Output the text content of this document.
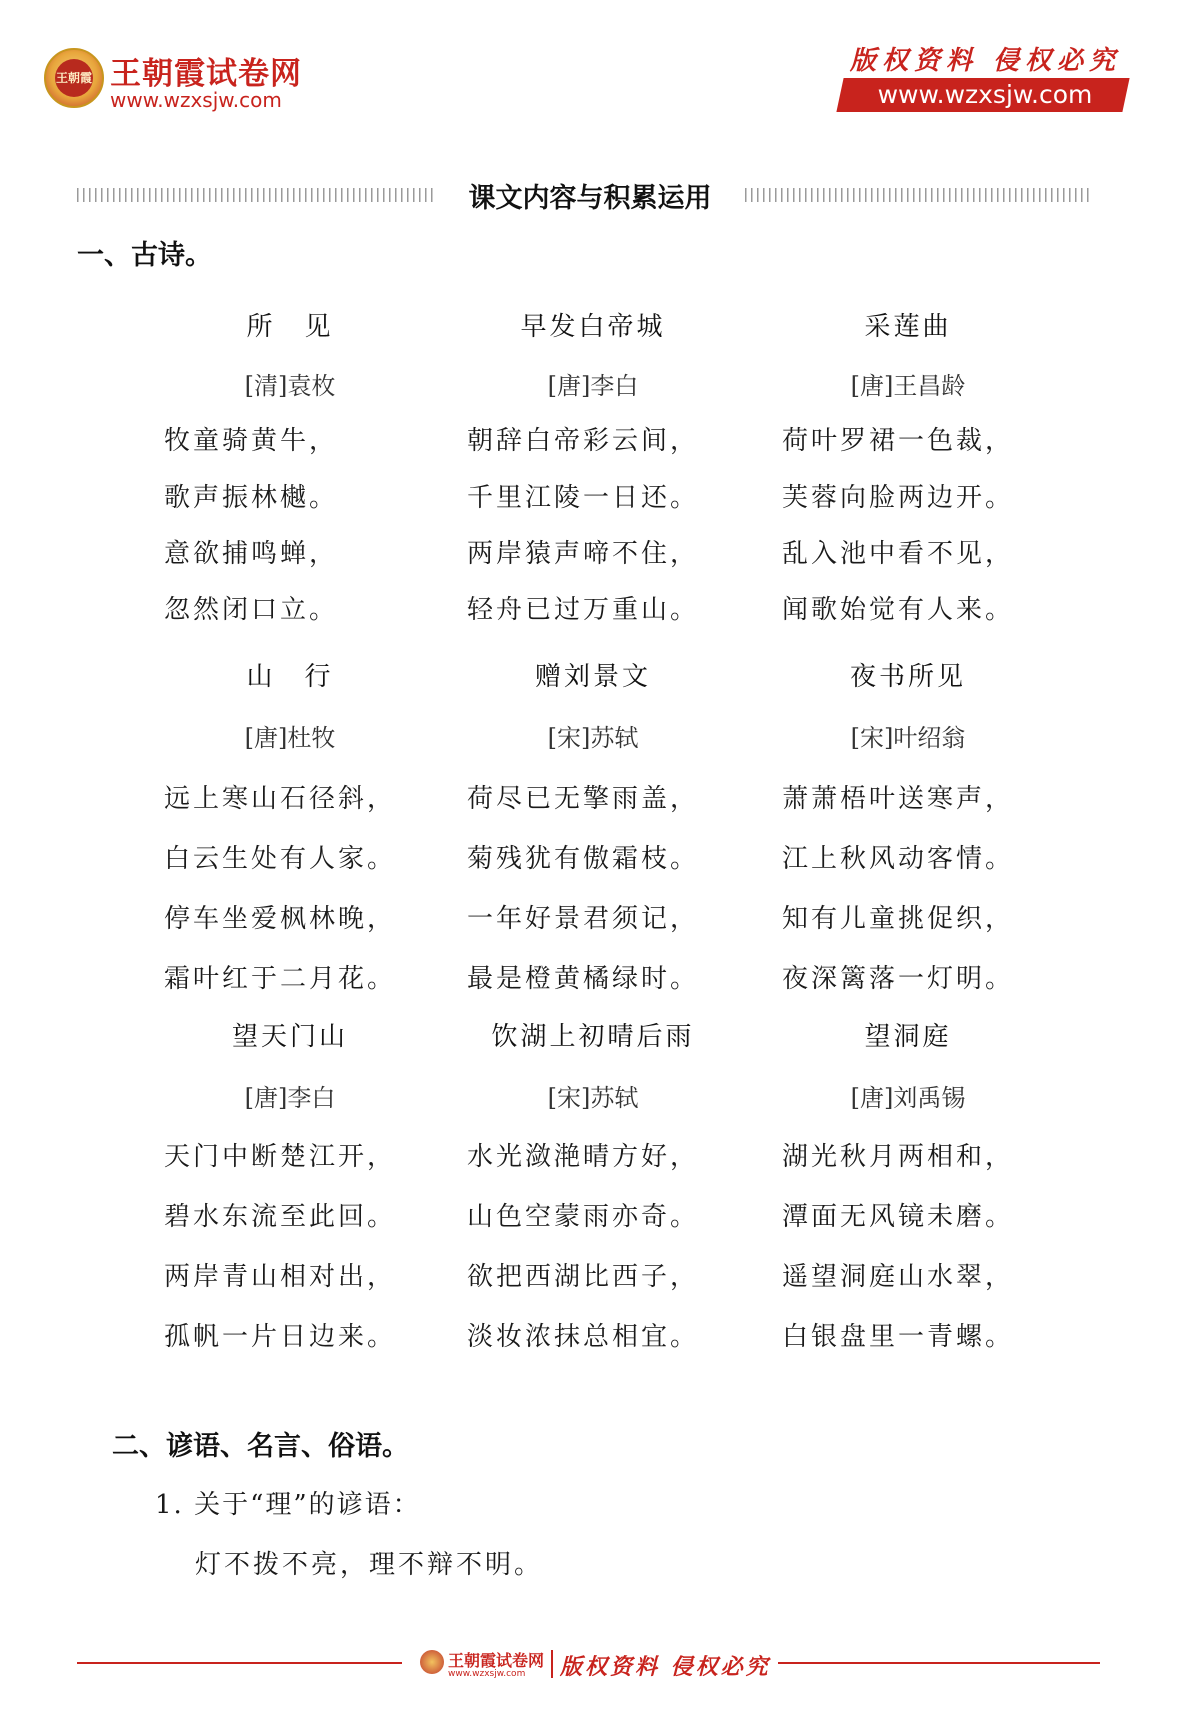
王朝霞 王朝霞试卷网
www.wzxsjw.com
版权资料 侵权必究
www.wzxsjw.com
课文内容与积累运用
一、古诗。
所　见
[清]袁枚
牧童骑黄牛，
歌声振林樾。
意欲捕鸣蝉，
忽然闭口立。
早发白帝城
[唐]李白
朝辞白帝彩云间，
千里江陵一日还。
两岸猿声啼不住，
轻舟已过万重山。
采莲曲
[唐]王昌龄
荷叶罗裙一色裁，
芙蓉向脸两边开。
乱入池中看不见，
闻歌始觉有人来。
山　行
[唐]杜牧
远上寒山石径斜，
白云生处有人家。
停车坐爱枫林晚，
霜叶红于二月花。
赠刘景文
[宋]苏轼
荷尽已无擎雨盖，
菊残犹有傲霜枝。
一年好景君须记，
最是橙黄橘绿时。
夜书所见
[宋]叶绍翁
萧萧梧叶送寒声，
江上秋风动客情。
知有儿童挑促织，
夜深篱落一灯明。
望天门山
[唐]李白
天门中断楚江开，
碧水东流至此回。
两岸青山相对出，
孤帆一片日边来。
饮湖上初晴后雨
[宋]苏轼
水光潋滟晴方好，
山色空蒙雨亦奇。
欲把西湖比西子，
淡妆浓抹总相宜。
望洞庭
[唐]刘禹锡
湖光秋月两相和，
潭面无风镜未磨。
遥望洞庭山水翠，
白银盘里一青螺。
二、谚语、名言、俗语。
1. 关于“理”的谚语：
灯不拨不亮，理不辩不明。
王朝霞试卷网
www.wzxsjw.com 版权资料 侵权必究
